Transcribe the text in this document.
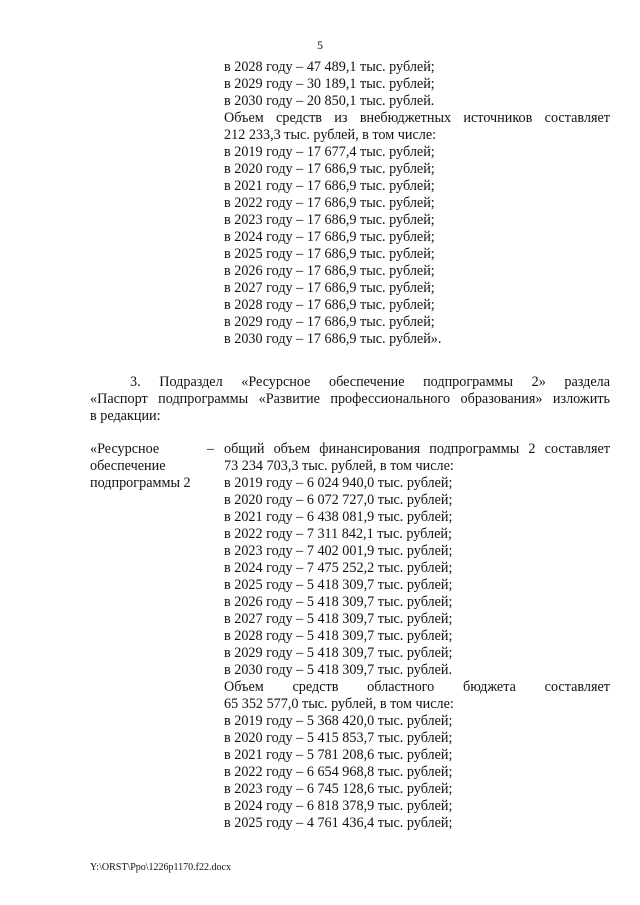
5
в 2028 году – 47 489,1 тыс. рублей;
в 2029 году – 30 189,1 тыс. рублей;
в 2030 году – 20 850,1 тыс. рублей.
Объем средств из внебюджетных источников составляет
212 233,3 тыс. рублей, в том числе:
в 2019 году – 17 677,4 тыс. рублей;
в 2020 году – 17 686,9 тыс. рублей;
в 2021 году – 17 686,9 тыс. рублей;
в 2022 году – 17 686,9 тыс. рублей;
в 2023 году – 17 686,9 тыс. рублей;
в 2024 году – 17 686,9 тыс. рублей;
в 2025 году – 17 686,9 тыс. рублей;
в 2026 году – 17 686,9 тыс. рублей;
в 2027 году – 17 686,9 тыс. рублей;
в 2028 году – 17 686,9 тыс. рублей;
в 2029 году – 17 686,9 тыс. рублей;
в 2030 году – 17 686,9 тыс. рублей».
3. Подраздел «Ресурсное обеспечение подпрограммы 2» раздела
«Паспорт подпрограммы «Развитие профессионального образования» изложить
в редакции:
«Ресурсное
обеспечение
подпрограммы 2
– общий объем финансирования подпрограммы 2 составляет
73 234 703,3 тыс. рублей, в том числе:
в 2019 году – 6 024 940,0 тыс. рублей;
в 2020 году – 6 072 727,0 тыс. рублей;
в 2021 году – 6 438 081,9 тыс. рублей;
в 2022 году – 7 311 842,1 тыс. рублей;
в 2023 году – 7 402 001,9 тыс. рублей;
в 2024 году – 7 475 252,2 тыс. рублей;
в 2025 году – 5 418 309,7 тыс. рублей;
в 2026 году – 5 418 309,7 тыс. рублей;
в 2027 году – 5 418 309,7 тыс. рублей;
в 2028 году – 5 418 309,7 тыс. рублей;
в 2029 году – 5 418 309,7 тыс. рублей;
в 2030 году – 5 418 309,7 тыс. рублей.
Объем средств областного бюджета составляет
65 352 577,0 тыс. рублей, в том числе:
в 2019 году – 5 368 420,0 тыс. рублей;
в 2020 году – 5 415 853,7 тыс. рублей;
в 2021 году – 5 781 208,6 тыс. рублей;
в 2022 году – 6 654 968,8 тыс. рублей;
в 2023 году – 6 745 128,6 тыс. рублей;
в 2024 году – 6 818 378,9 тыс. рублей;
в 2025 году – 4 761 436,4 тыс. рублей;
Y:\ORST\Ppo\1226p1170.f22.docx
